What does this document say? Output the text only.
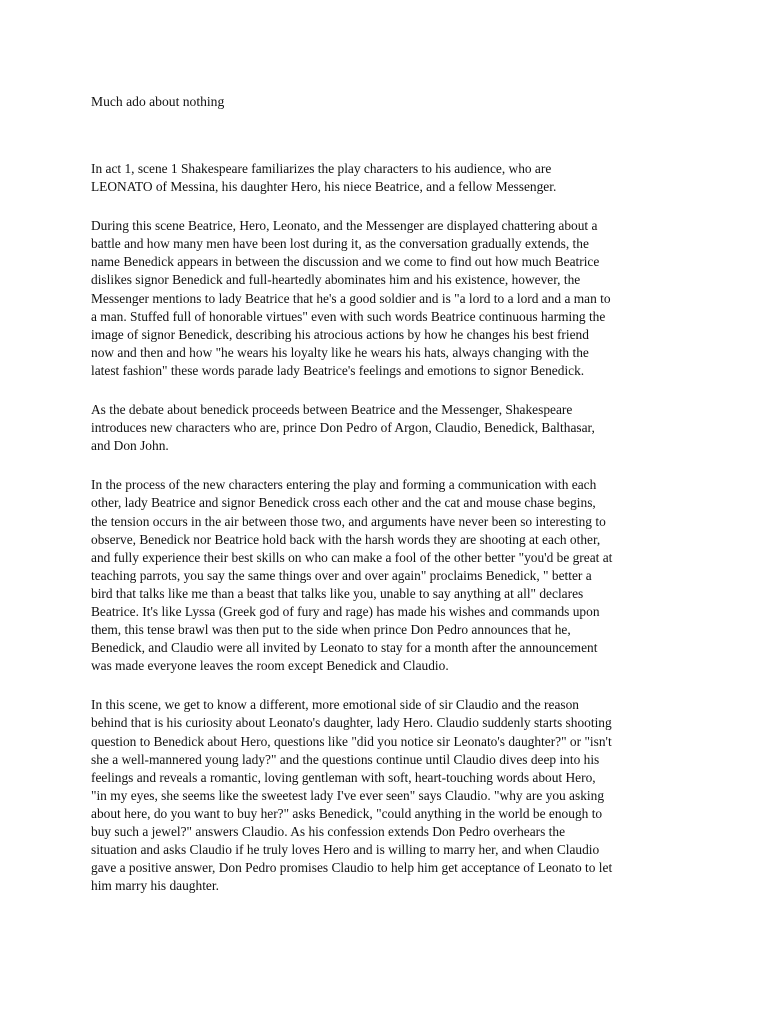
Much ado about nothing

In act 1, scene 1 Shakespeare familiarizes the play characters to his audience, who are
LEONATO of Messina, his daughter Hero, his niece Beatrice, and a fellow Messenger.

During this scene Beatrice, Hero, Leonato, and the Messenger are displayed chattering about a
battle and how many men have been lost during it, as the conversation gradually extends, the
name Benedick appears in between the discussion and we come to find out how much Beatrice
dislikes signor Benedick and full-heartedly abominates him and his existence, however, the
Messenger mentions to lady Beatrice that he's a good soldier and is "a lord to a lord and a man to
a man. Stuffed full of honorable virtues" even with such words Beatrice continuous harming the
image of signor Benedick, describing his atrocious actions by how he changes his best friend
now and then and how "he wears his loyalty like he wears his hats, always changing with the
latest fashion" these words parade lady Beatrice's feelings and emotions to signor Benedick.

As the debate about benedick proceeds between Beatrice and the Messenger, Shakespeare
introduces new characters who are, prince Don Pedro of Argon, Claudio, Benedick, Balthasar,
and Don John.

In the process of the new characters entering the play and forming a communication with each
other, lady Beatrice and signor Benedick cross each other and the cat and mouse chase begins,
the tension occurs in the air between those two, and arguments have never been so interesting to
observe, Benedick nor Beatrice hold back with the harsh words they are shooting at each other,
and fully experience their best skills on who can make a fool of the other better "you'd be great at
teaching parrots, you say the same things over and over again" proclaims Benedick, " better a
bird that talks like me than a beast that talks like you, unable to say anything at all" declares
Beatrice. It's like Lyssa (Greek god of fury and rage) has made his wishes and commands upon
them, this tense brawl was then put to the side when prince Don Pedro announces that he,
Benedick, and Claudio were all invited by Leonato to stay for a month after the announcement
was made everyone leaves the room except Benedick and Claudio.

In this scene, we get to know a different, more emotional side of sir Claudio and the reason
behind that is his curiosity about Leonato's daughter, lady Hero. Claudio suddenly starts shooting
question to Benedick about Hero, questions like "did you notice sir Leonato's daughter?" or "isn't
she a well-mannered young lady?" and the questions continue until Claudio dives deep into his
feelings and reveals a romantic, loving gentleman with soft, heart-touching words about Hero,
"in my eyes, she seems like the sweetest lady I've ever seen" says Claudio. "why are you asking
about here, do you want to buy her?" asks Benedick, "could anything in the world be enough to
buy such a jewel?" answers Claudio. As his confession extends Don Pedro overhears the
situation and asks Claudio if he truly loves Hero and is willing to marry her, and when Claudio
gave a positive answer, Don Pedro promises Claudio to help him get acceptance of Leonato to let
him marry his daughter.
